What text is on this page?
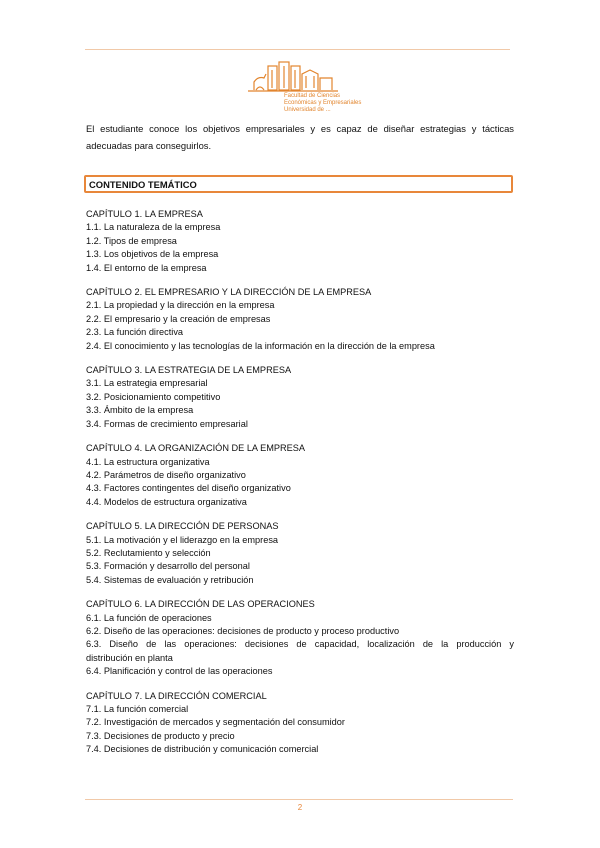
Facultad de Ciencias
Económicas y Empresariales
Universidad de ...

El estudiante conoce los objetivos empresariales y es capaz de diseñar estrategias y tácticas adecuadas para conseguirlos.

CONTENIDO TEMÁTICO

CAPÍTULO 1. LA EMPRESA

1.1. La naturaleza de la empresa

1.2. Tipos de empresa

1.3. Los objetivos de la empresa

1.4. El entorno de la empresa

CAPÍTULO 2. EL EMPRESARIO Y LA DIRECCIÓN DE LA EMPRESA

2.1. La propiedad y la dirección en la empresa

2.2. El empresario y la creación de empresas

2.3. La función directiva

2.4. El conocimiento y las tecnologías de la información en la dirección de la empresa

CAPÍTULO 3. LA ESTRATEGIA DE LA EMPRESA

3.1. La estrategia empresarial

3.2. Posicionamiento competitivo

3.3. Ámbito de la empresa

3.4. Formas de crecimiento empresarial

CAPÍTULO 4. LA ORGANIZACIÓN DE LA EMPRESA

4.1. La estructura organizativa

4.2. Parámetros de diseño organizativo

4.3. Factores contingentes del diseño organizativo

4.4. Modelos de estructura organizativa

CAPÍTULO 5. LA DIRECCIÓN DE PERSONAS

5.1. La motivación y el liderazgo en la empresa

5.2. Reclutamiento y selección

5.3. Formación y desarrollo del personal

5.4. Sistemas de evaluación y retribución

CAPÍTULO 6. LA DIRECCIÓN DE LAS OPERACIONES

6.1. La función de operaciones

6.2. Diseño de las operaciones: decisiones de producto y proceso productivo

6.3. Diseño de las operaciones: decisiones de capacidad, localización de la producción y

distribución en planta

6.4. Planificación y control de las operaciones

CAPÍTULO 7. LA DIRECCIÓN COMERCIAL

7.1. La función comercial

7.2. Investigación de mercados y segmentación del consumidor

7.3. Decisiones de producto y precio

7.4. Decisiones de distribución y comunicación comercial

2
